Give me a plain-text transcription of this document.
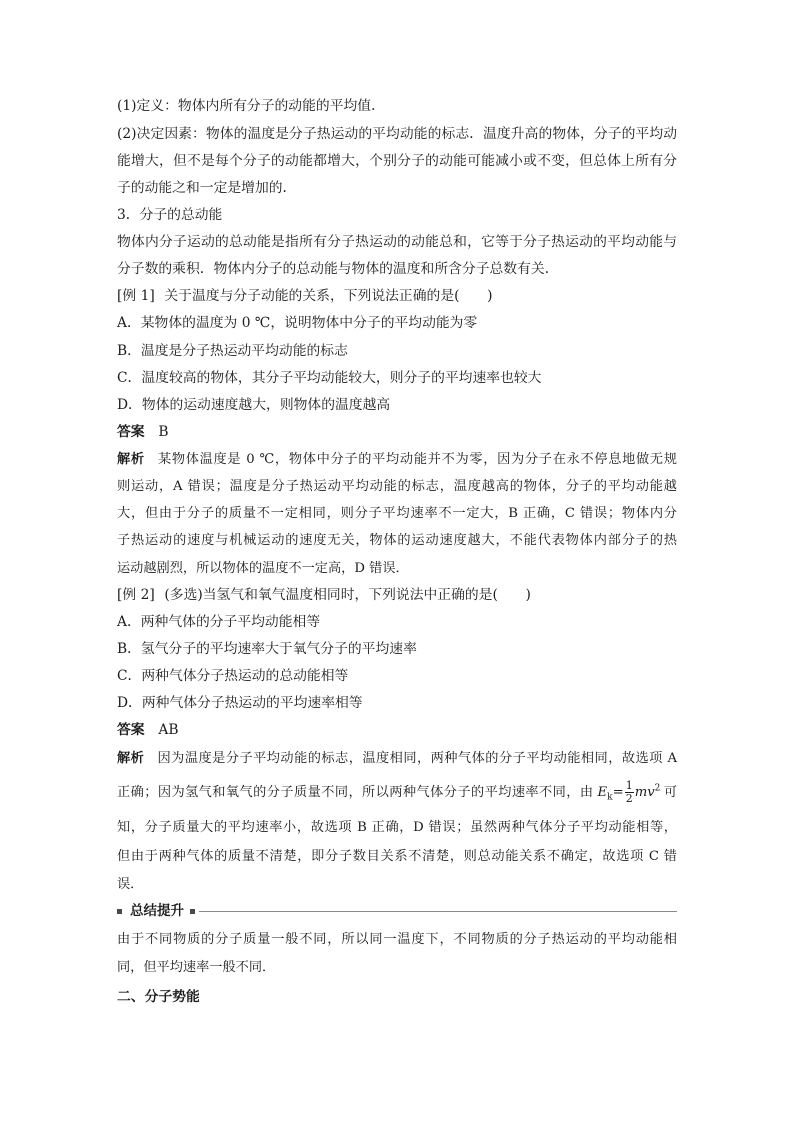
(1)定义：物体内所有分子的动能的平均值．
(2)决定因素：物体的温度是分子热运动的平均动能的标志．温度升高的物体，分子的平均动
能增大，但不是每个分子的动能都增大，个别分子的动能可能减小或不变，但总体上所有分
子的动能之和一定是增加的．
3．分子的总动能
物体内分子运动的总动能是指所有分子热运动的动能总和，它等于分子热运动的平均动能与
分子数的乘积．物体内分子的总动能与物体的温度和所含分子总数有关．
[例 1] 关于温度与分子动能的关系，下列说法正确的是(　　)
A．某物体的温度为 0 ℃，说明物体中分子的平均动能为零
B．温度是分子热运动平均动能的标志
C．温度较高的物体，其分子平均动能较大，则分子的平均速率也较大
D．物体的运动速度越大，则物体的温度越高
答案 B
解析 某物体温度是 0 ℃，物体中分子的平均动能并不为零，因为分子在永不停息地做无规
则运动，A 错误；温度是分子热运动平均动能的标志，温度越高的物体，分子的平均动能越
大，但由于分子的质量不一定相同，则分子平均速率不一定大，B 正确，C 错误；物体内分
子热运动的速度与机械运动的速度无关，物体的运动速度越大，不能代表物体内部分子的热
运动越剧烈，所以物体的温度不一定高，D 错误．
[例 2] (多选)当氢气和氧气温度相同时，下列说法中正确的是(　　)
A．两种气体的分子平均动能相等
B．氢气分子的平均速率大于氧气分子的平均速率
C．两种气体分子热运动的总动能相等
D．两种气体分子热运动的平均速率相等
答案 AB
解析 因为温度是分子平均动能的标志，温度相同，两种气体的分子平均动能相同，故选项 A
正确；因为氢气和氧气的分子质量不同，所以两种气体分子的平均速率不同，由 $E_k= \frac{1}{2} mv^2$ 可
知，分子质量大的平均速率小，故选项 B 正确，D 错误；虽然两种气体分子平均动能相等，
但由于两种气体的质量不清楚，即分子数目关系不清楚，则总动能关系不确定，故选项 C 错
误．
总结提升
由于不同物质的分子质量一般不同，所以同一温度下，不同物质的分子热运动的平均动能相
同，但平均速率一般不同．
二、分子势能
